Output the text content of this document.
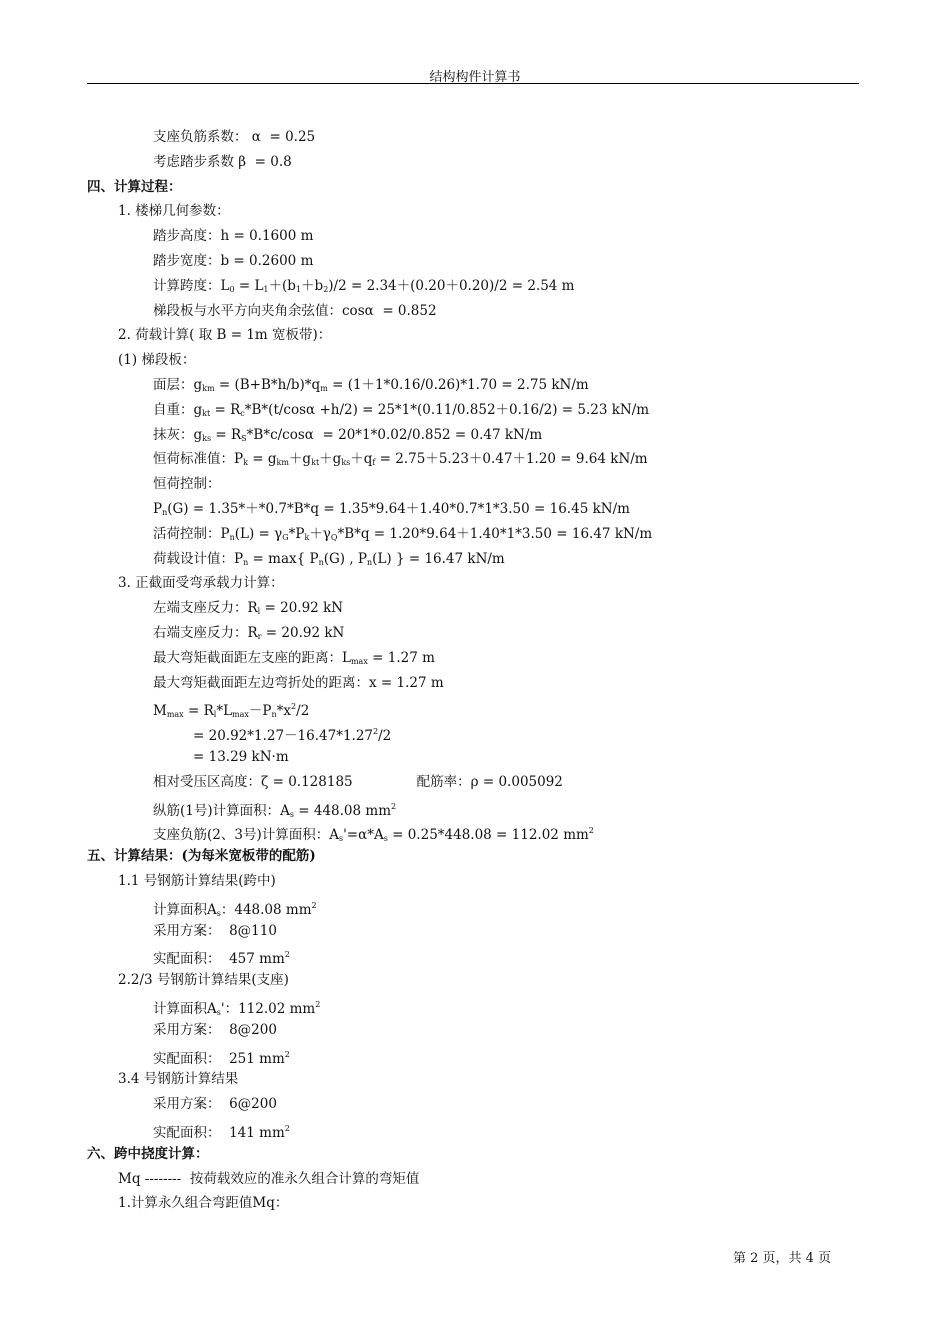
结构构件计算书
支座负筋系数： α  = 0.25
考虑踏步系数 β  = 0.8
四、计算过程：
1. 楼梯几何参数：
踏步高度：h = 0.1600 m
踏步宽度：b = 0.2600 m
计算跨度：$L_0 = L_1+(b_1+b_2)/2 = 2.34+(0.20+0.20)/2 = 2.54$ m
梯段板与水平方向夹角余弦值：cosα  = 0.852
2. 荷载计算( 取 B = 1m 宽板带)：
(1) 梯段板：
面层：$g_{km} = (B+B*h/b)*q_m = (1+1*0.16/0.26)*1.70 = 2.75$ kN/m
自重：$g_{kt} = R_c*B*(t/\cos\alpha +h/2) = 25*1*(0.11/0.852+0.16/2) = 5.23$ kN/m
抹灰：$g_{ks} = R_S*B*c/\cos\alpha = 20*1*0.02/0.852 = 0.47$ kN/m
恒荷标准值：$P_k = g_{km}+g_{kt}+g_{ks}+q_f = 2.75+5.23+0.47+1.20 = 9.64$ kN/m
恒荷控制：
$P_n(G) = 1.35*+*0.7*B*q = 1.35*9.64+1.40*0.7*1*3.50 = 16.45$ kN/m
活荷控制：$P_n(L) = \gamma_G*P_k+\gamma_Q*B*q = 1.20*9.64+1.40*1*3.50 = 16.47$ kN/m
荷载设计值：$P_n = \max${ $P_n(G)$ , $P_n(L)$ } = 16.47 kN/m
3. 正截面受弯承载力计算：
左端支座反力：$R_l = 20.92$ kN
右端支座反力：$R_r = 20.92$ kN
最大弯矩截面距左支座的距离：$L_{max} = 1.27$ m
最大弯矩截面距左边弯折处的距离：x = 1.27 m
$M_{max} = R_l*L_{max}-P_n*x^2/2$
= $20.92*1.27-16.47*1.27^2/2$
= 13.29 kN·m
相对受压区高度：ζ = 0.128185	配筋率：ρ = 0.005092
纵筋(1号)计算面积：$A_s = 448.08$ $mm^2$
支座负筋(2、3号)计算面积：$A_s'=\alpha*A_s = 0.25*448.08 = 112.02$ $mm^2$
五、计算结果：(为每米宽板带的配筋)
1.1 号钢筋计算结果(跨中)
计算面积$A_s$：448.08 $mm^2$
采用方案：  8@110
实配面积：  457 $mm^2$
2.2/3 号钢筋计算结果(支座)
计算面积$A_s'$：112.02 $mm^2$
采用方案：  8@200
实配面积：  251 $mm^2$
3.4 号钢筋计算结果
采用方案：  6@200
实配面积：  141 $mm^2$
六、跨中挠度计算：
Mq --------  按荷载效应的准永久组合计算的弯矩值
1.计算永久组合弯距值Mq：
第 2 页，共 4 页
